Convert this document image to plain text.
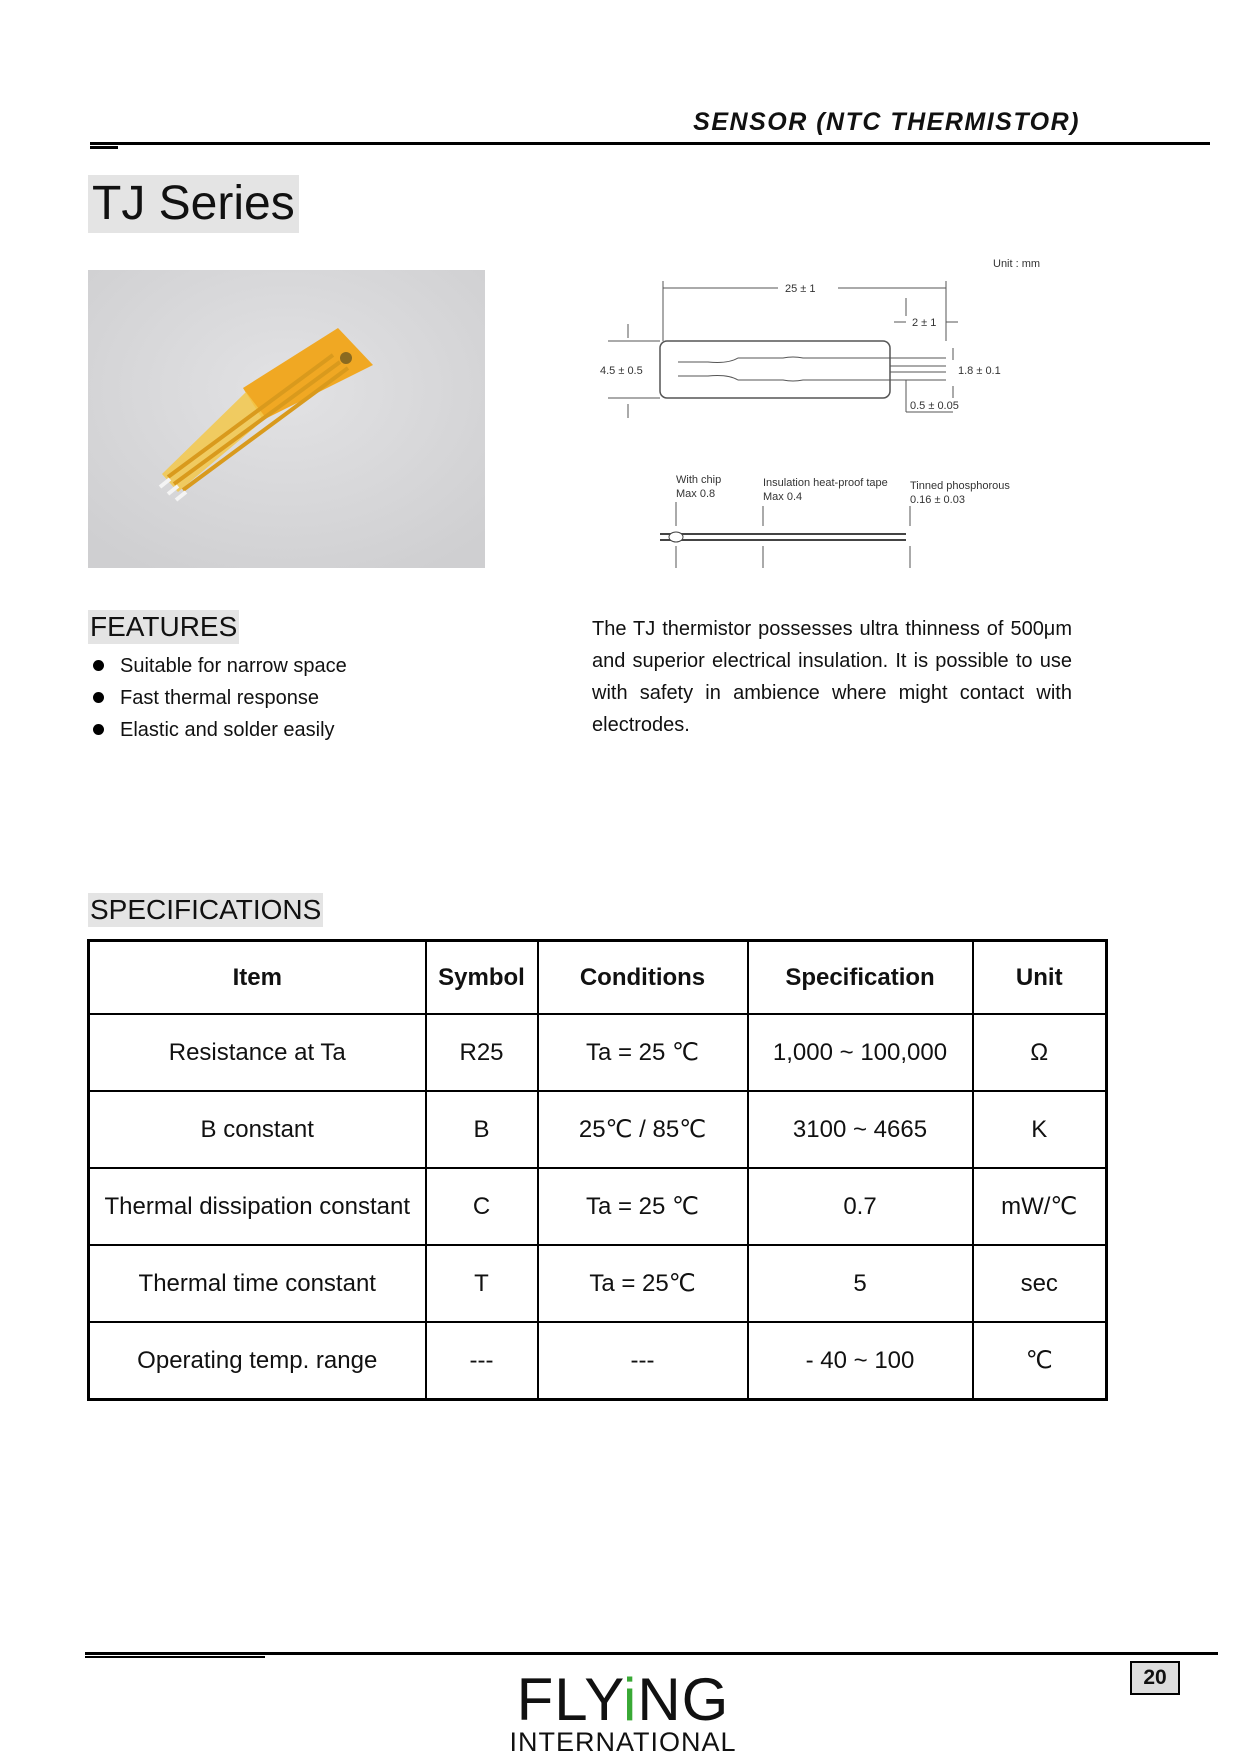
SENSOR (NTC THERMISTOR)
TJ Series
Unit : mm
25 ± 1
2 ± 1
4.5 ± 0.5	1.8 ± 0.1
0.5 ± 0.05
With chip
Max 0.8
Insulation heat-proof tape
Max 0.4
Tinned phosphorous
0.16 ± 0.03
FEATURES
Suitable for narrow space
Fast thermal response
Elastic and solder easily

The TJ thermistor possesses ultra thinness of 500μm and superior electrical insulation. It is possible to use with safety in ambience where might contact with electrodes.

SPECIFICATIONS
Item	Symbol	Conditions	Specification	Unit
Resistance at Ta	R25	Ta = 25 ℃	1,000 ~ 100,000	Ω
B constant	B	25℃ / 85℃	3100 ~ 4665	K
Thermal dissipation constant	C	Ta = 25 ℃	0.7	mW/℃
Thermal time constant	T	Ta = 25℃	5	sec
Operating temp. range	---	---	- 40 ~ 100	℃
20
FLYiNG
INTERNATIONAL
